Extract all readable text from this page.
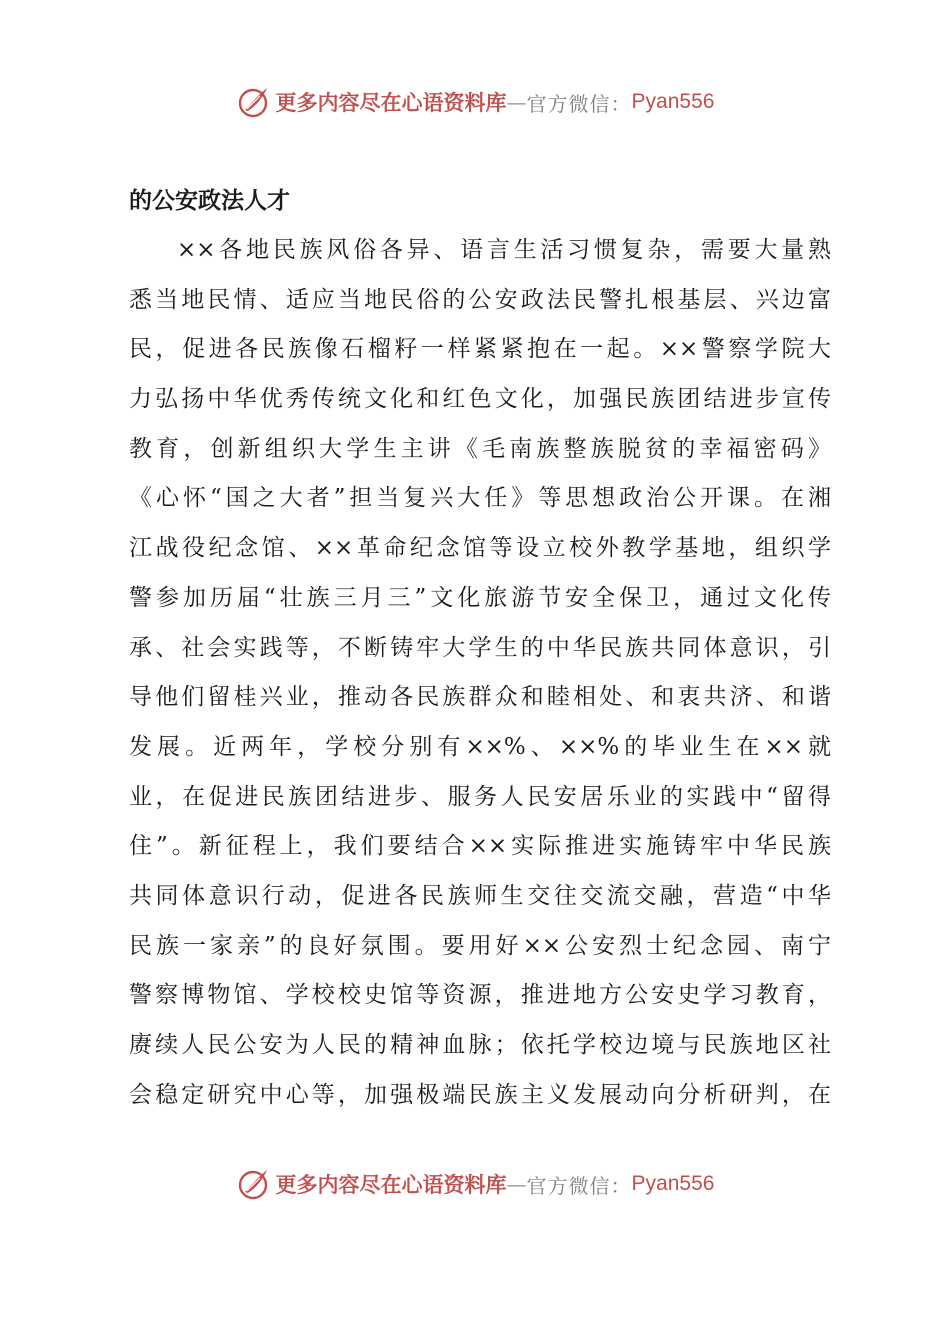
更多内容尽在心语资料库 — 官方微信： Pyan556

的公安政法人才

××各地民族风俗各异、语言生活习惯复杂，需要大量熟
悉当地民情、适应当地民俗的公安政法民警扎根基层、兴边富
民，促进各民族像石榴籽一样紧紧抱在一起。××警察学院大
力弘扬中华优秀传统文化和红色文化，加强民族团结进步宣传
教育，创新组织大学生主讲《毛南族整族脱贫的幸福密码》
《心怀“国之大者”担当复兴大任》等思想政治公开课。在湘
江战役纪念馆、××革命纪念馆等设立校外教学基地，组织学
警参加历届“壮族三月三”文化旅游节安全保卫，通过文化传
承、社会实践等，不断铸牢大学生的中华民族共同体意识，引
导他们留桂兴业，推动各民族群众和睦相处、和衷共济、和谐
发展。近两年，学校分别有××%、××%的毕业生在××就
业，在促进民族团结进步、服务人民安居乐业的实践中“留得
住”。新征程上，我们要结合××实际推进实施铸牢中华民族
共同体意识行动，促进各民族师生交往交流交融，营造“中华
民族一家亲”的良好氛围。要用好××公安烈士纪念园、南宁
警察博物馆、学校校史馆等资源，推进地方公安史学习教育，
赓续人民公安为人民的精神血脉；依托学校边境与民族地区社
会稳定研究中心等，加强极端民族主义发展动向分析研判，在
更多内容尽在心语资料库 — 官方微信： Pyan556
